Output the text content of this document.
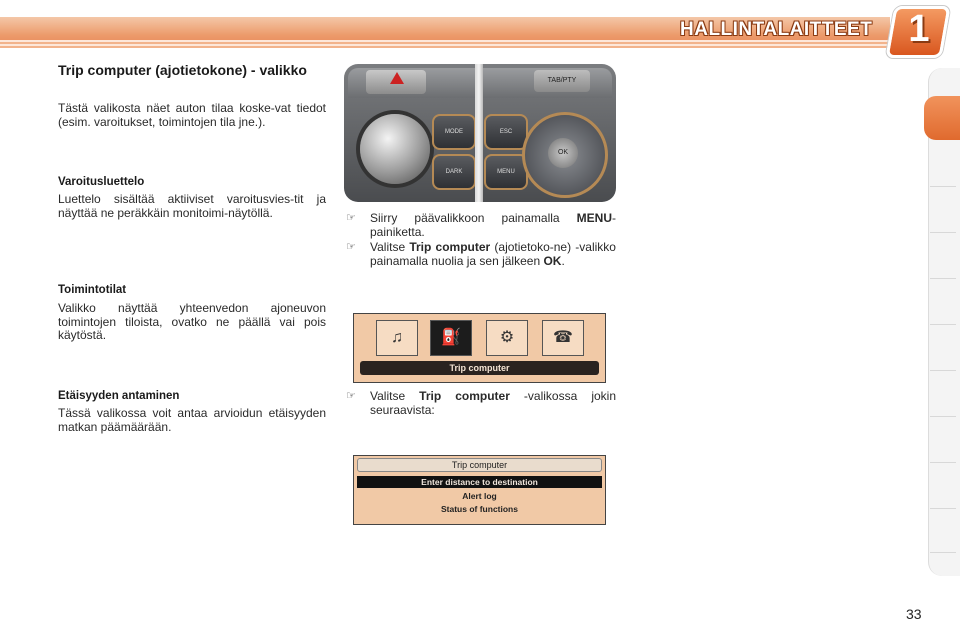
HALLINTALAITTEET 1
Trip computer (ajotietokone) - valikko

Tästä valikosta näet auton tilaa koske-vat tiedot (esim. varoitukset, toimintojen tila jne.).

Varoitusluettelo

Luettelo sisältää aktiiviset varoitusvies-tit ja näyttää ne peräkkäin monitoimi-näytöllä.

Toimintotilat

Valikko näyttää yhteenvedon ajoneuvon toimintojen tiloista, ovatko ne päällä vai pois käytöstä.

Etäisyyden antaminen

Tässä valikossa voit antaa arvioidun etäisyyden matkan päämäärään.

TAB/PTY
MODE
DARK
ESC
MENU
OK
☞ Siirry päävalikkoon painamalla MENU-painiketta.
☞ Valitse Trip computer (ajotietoko-ne) -valikko painamalla nuolia ja sen jälkeen OK.
♫	⛽	⚙	☎
Trip computer
☞ Valitse Trip computer -valikossa jokin seuraavista:
Trip computer
Enter distance to destination
Alert log
Status of functions
33
